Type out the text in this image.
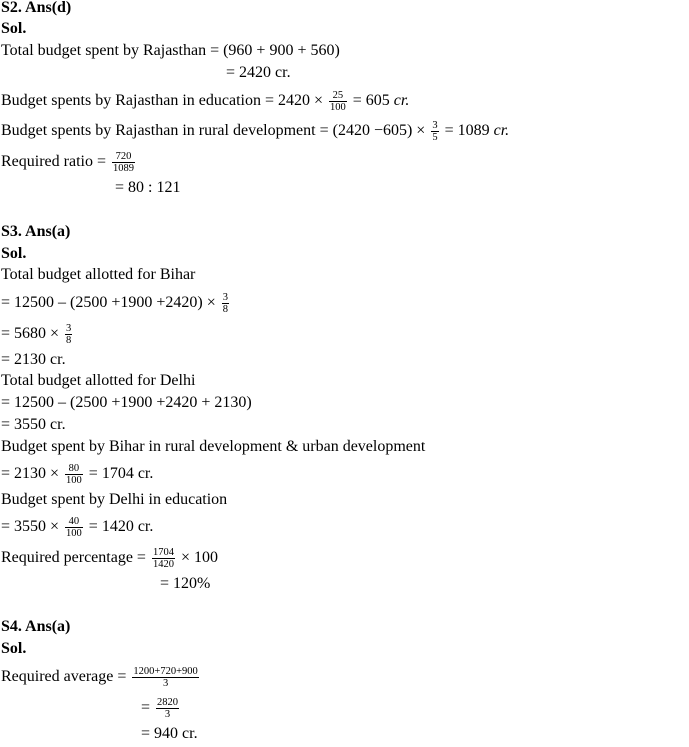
S2. Ans(d)
Sol.
Total budget spent by Rajasthan = (960 + 900 + 560)
= 2420 cr.
Budget spents by Rajasthan in education = $2420 \times \frac{25}{100} = 605$ cr.
Budget spents by Rajasthan in rural development = $(2420 -605) \times \frac{3}{5} = 1089$ cr.
Required ratio = $\frac{720}{1089}$
= 80 : 121
S3. Ans(a)
Sol.
Total budget allotted for Bihar
= $12500 - (2500 +1900 +2420) \times \frac{3}{8}$
= $5680 \times \frac{3}{8}$
= 2130 cr.
Total budget allotted for Delhi
= 12500 – (2500 +1900 +2420 + 2130)
= 3550 cr.
Budget spent by Bihar in rural development & urban development
= $2130 \times \frac{80}{100} = 1704$ cr.
Budget spent by Delhi in education
= $3550 \times \frac{40}{100} = 1420$ cr.
Required percentage = $\frac{1704}{1420} \times 100$
= 120%
S4. Ans(a)
Sol.
Required average = $\frac{1200+720+900}{3}$
= $\frac{2820}{3}$
= 940 cr.
